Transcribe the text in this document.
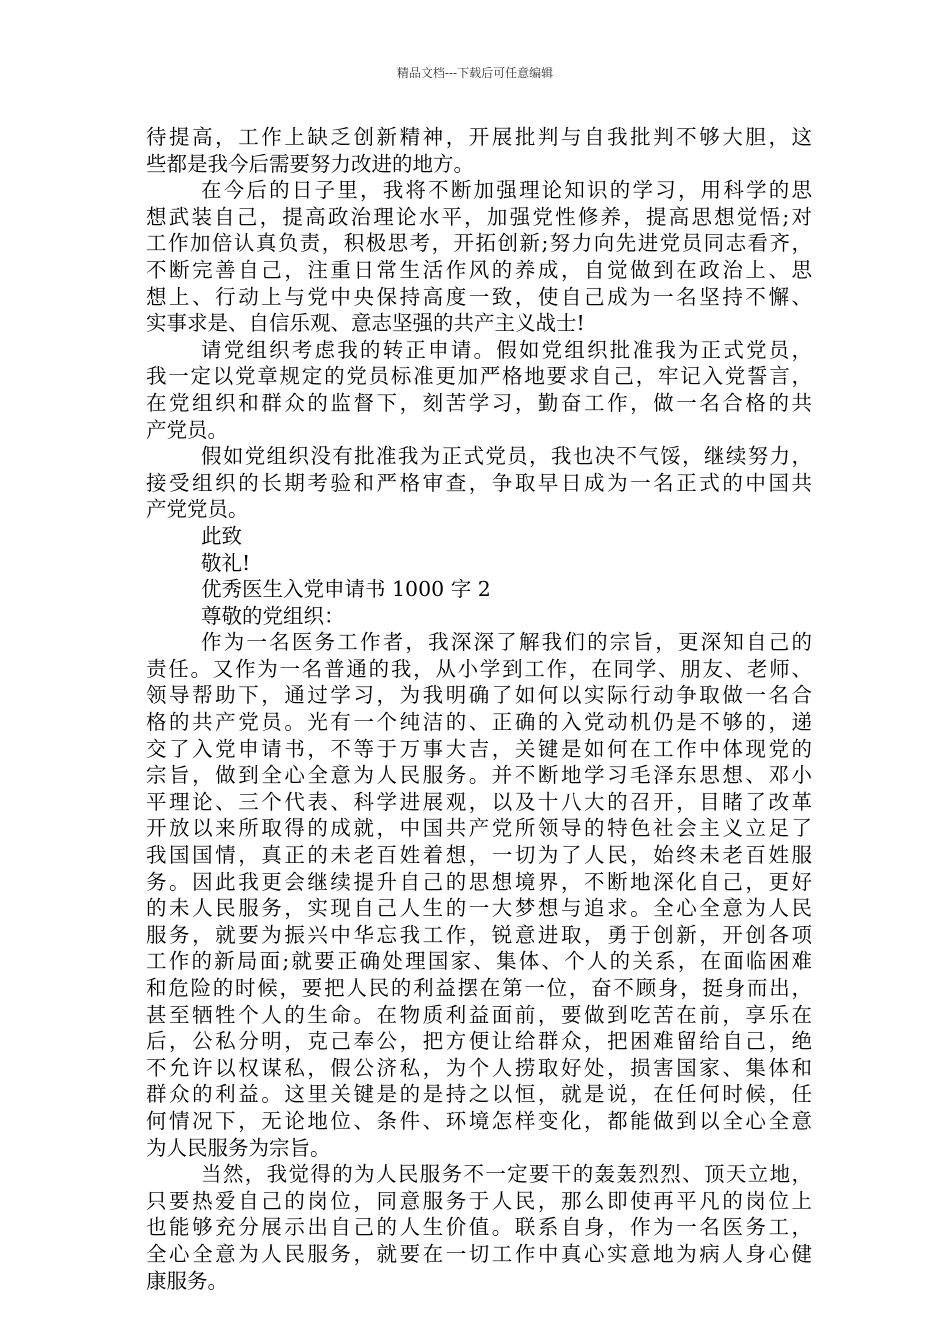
精品文档---下载后可任意编辑
待提高，工作上缺乏创新精神，开展批判与自我批判不够大胆，这
些都是我今后需要努力改进的地方。
在今后的日子里，我将不断加强理论知识的学习，用科学的思
想武装自己，提高政治理论水平，加强党性修养，提高思想觉悟;对
工作加倍认真负责，积极思考，开拓创新;努力向先进党员同志看齐，
不断完善自己，注重日常生活作风的养成，自觉做到在政治上、思
想上、行动上与党中央保持高度一致，使自己成为一名坚持不懈、
实事求是、自信乐观、意志坚强的共产主义战士!
请党组织考虑我的转正申请。假如党组织批准我为正式党员，
我一定以党章规定的党员标准更加严格地要求自己，牢记入党誓言，
在党组织和群众的监督下，刻苦学习，勤奋工作，做一名合格的共
产党员。
假如党组织没有批准我为正式党员，我也决不气馁，继续努力，
接受组织的长期考验和严格审查，争取早日成为一名正式的中国共
产党党员。
此致
敬礼!
优秀医生入党申请书 1000 字 2
尊敬的党组织：
作为一名医务工作者，我深深了解我们的宗旨，更深知自己的
责任。又作为一名普通的我，从小学到工作，在同学、朋友、老师、
领导帮助下，通过学习，为我明确了如何以实际行动争取做一名合
格的共产党员。光有一个纯洁的、正确的入党动机仍是不够的，递
交了入党申请书，不等于万事大吉，关键是如何在工作中体现党的
宗旨，做到全心全意为人民服务。并不断地学习毛泽东思想、邓小
平理论、三个代表、科学进展观，以及十八大的召开，目睹了改革
开放以来所取得的成就，中国共产党所领导的特色社会主义立足了
我国国情，真正的未老百姓着想，一切为了人民，始终未老百姓服
务。因此我更会继续提升自己的思想境界，不断地深化自己，更好
的未人民服务，实现自己人生的一大梦想与追求。全心全意为人民
服务，就要为振兴中华忘我工作，锐意进取，勇于创新，开创各项
工作的新局面;就要正确处理国家、集体、个人的关系，在面临困难
和危险的时候，要把人民的利益摆在第一位，奋不顾身，挺身而出，
甚至牺牲个人的生命。在物质利益面前，要做到吃苦在前，享乐在
后，公私分明，克己奉公，把方便让给群众，把困难留给自己，绝
不允许以权谋私，假公济私，为个人捞取好处，损害国家、集体和
群众的利益。这里关键是的是持之以恒，就是说，在任何时候，任
何情况下，无论地位、条件、环境怎样变化，都能做到以全心全意
为人民服务为宗旨。
当然，我觉得的为人民服务不一定要干的轰轰烈烈、顶天立地，
只要热爱自己的岗位，同意服务于人民，那么即使再平凡的岗位上
也能够充分展示出自己的人生价值。联系自身，作为一名医务工，
全心全意为人民服务，就要在一切工作中真心实意地为病人身心健
康服务。
